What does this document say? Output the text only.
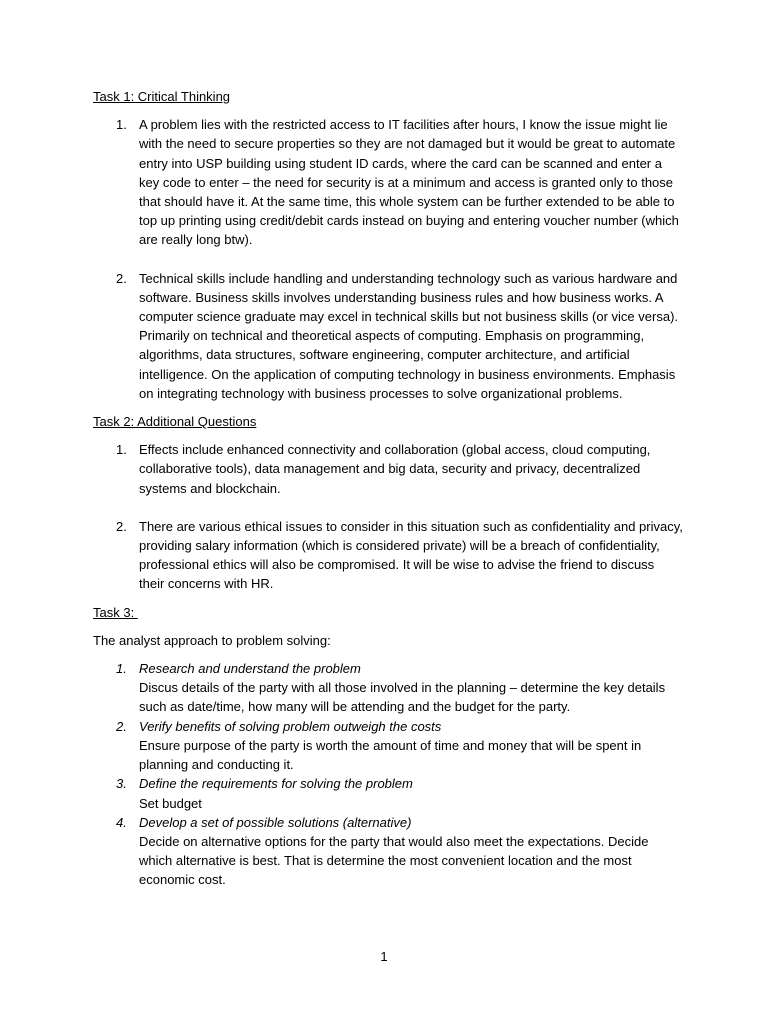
Task 1: Critical Thinking
1. A problem lies with the restricted access to IT facilities after hours, I know the issue might lie with the need to secure properties so they are not damaged but it would be great to automate entry into USP building using student ID cards, where the card can be scanned and enter a key code to enter – the need for security is at a minimum and access is granted only to those that should have it. At the same time, this whole system can be further extended to be able to top up printing using credit/debit cards instead on buying and entering voucher number (which are really long btw).
2. Technical skills include handling and understanding technology such as various hardware and software. Business skills involves understanding business rules and how business works. A computer science graduate may excel in technical skills but not business skills (or vice versa). Primarily on technical and theoretical aspects of computing. Emphasis on programming, algorithms, data structures, software engineering, computer architecture, and artificial intelligence. On the application of computing technology in business environments. Emphasis on integrating technology with business processes to solve organizational problems.
Task 2: Additional Questions
1. Effects include enhanced connectivity and collaboration (global access, cloud computing, collaborative tools), data management and big data, security and privacy, decentralized systems and blockchain.
2. There are various ethical issues to consider in this situation such as confidentiality and privacy, providing salary information (which is considered private) will be a breach of confidentiality, professional ethics will also be compromised. It will be wise to advise the friend to discuss their concerns with HR.
Task 3:
The analyst approach to problem solving:
1. Research and understand the problem
Discus details of the party with all those involved in the planning – determine the key details such as date/time, how many will be attending and the budget for the party.
2. Verify benefits of solving problem outweigh the costs
Ensure purpose of the party is worth the amount of time and money that will be spent in planning and conducting it.
3. Define the requirements for solving the problem
Set budget
4. Develop a set of possible solutions (alternative)
Decide on alternative options for the party that would also meet the expectations. Decide which alternative is best. That is determine the most convenient location and the most economic cost.
1
